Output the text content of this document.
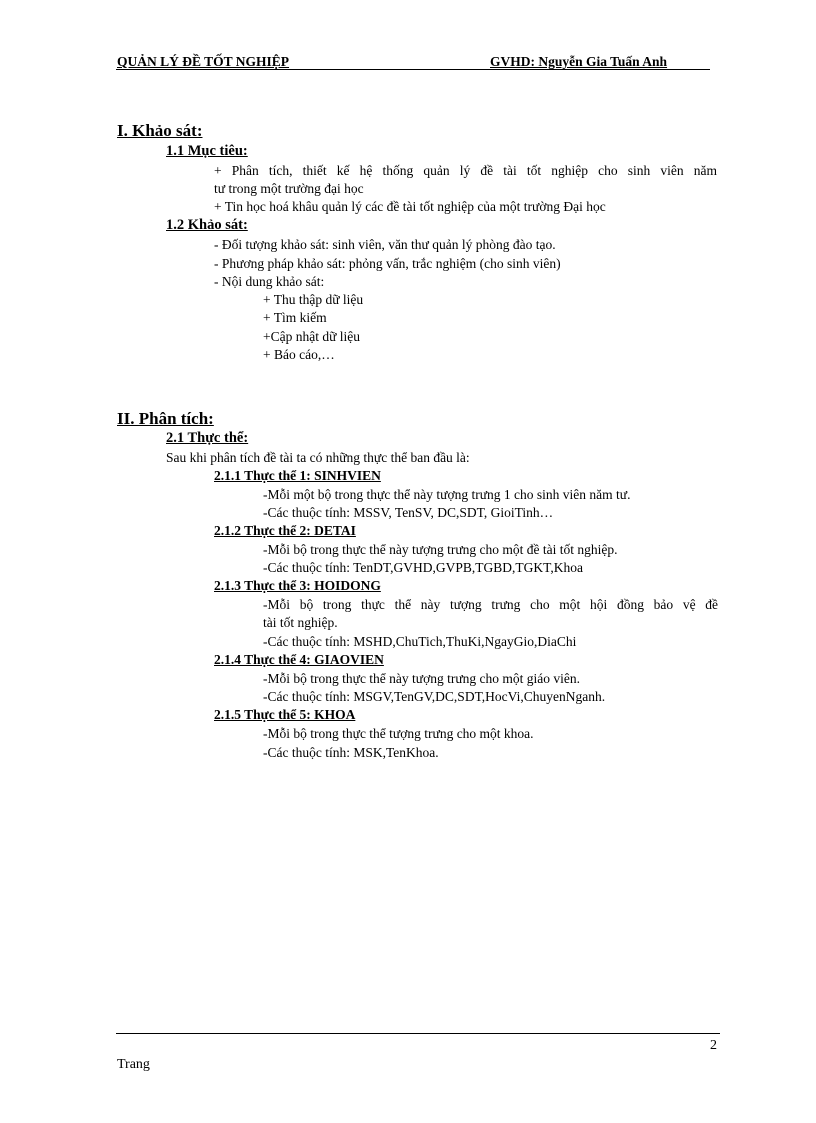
QUẢN LÝ ĐỀ TỐT NGHIỆP	GVHD: Nguyễn Gia Tuấn Anh
I. Khảo sát:
1.1 Mục tiêu:
+ Phân tích, thiết kế hệ thống quản lý đề tài tốt nghiệp cho sinh viên năm
tư trong một trường đại học
+ Tin học hoá khâu quản lý các đề tài tốt nghiệp của một trường Đại học
1.2 Khảo sát:
- Đối tượng khảo sát: sinh viên, văn thư quản lý phòng đào tạo.
- Phương pháp khảo sát: phỏng vấn, trắc nghiệm (cho sinh viên)
- Nội dung khảo sát:
+ Thu thập dữ liệu
+ Tìm kiếm
+Cập nhật dữ liệu
+ Báo cáo,…
II. Phân tích:
2.1 Thực thể:
Sau khi phân tích đề tài ta có những thực thể ban đầu là:
2.1.1 Thực thể 1: SINHVIEN
-Mỗi một bộ trong thực thể này tượng trưng 1 cho sinh viên năm tư.
-Các thuộc tính: MSSV, TenSV, DC,SDT, GioiTinh…
2.1.2 Thực thể 2: DETAI
-Mỗi bộ trong thực thể này tượng trưng cho một đề tài tốt nghiệp.
-Các thuộc tính: TenDT,GVHD,GVPB,TGBD,TGKT,Khoa
2.1.3 Thực thể 3: HOIDONG
-Mỗi bộ trong thực thể này tượng trưng cho một hội đồng bảo vệ đề
tài tốt nghiệp.
-Các thuộc tính: MSHD,ChuTich,ThuKi,NgayGio,DiaChi
2.1.4 Thực thể 4: GIAOVIEN
-Mỗi bộ trong thực thể này tượng trưng cho một giáo viên.
-Các thuộc tính: MSGV,TenGV,DC,SDT,HocVi,ChuyenNganh.
2.1.5 Thực thể 5: KHOA
-Mỗi bộ trong thực thể tượng trưng cho một khoa.
-Các thuộc tính: MSK,TenKhoa.
2
Trang
